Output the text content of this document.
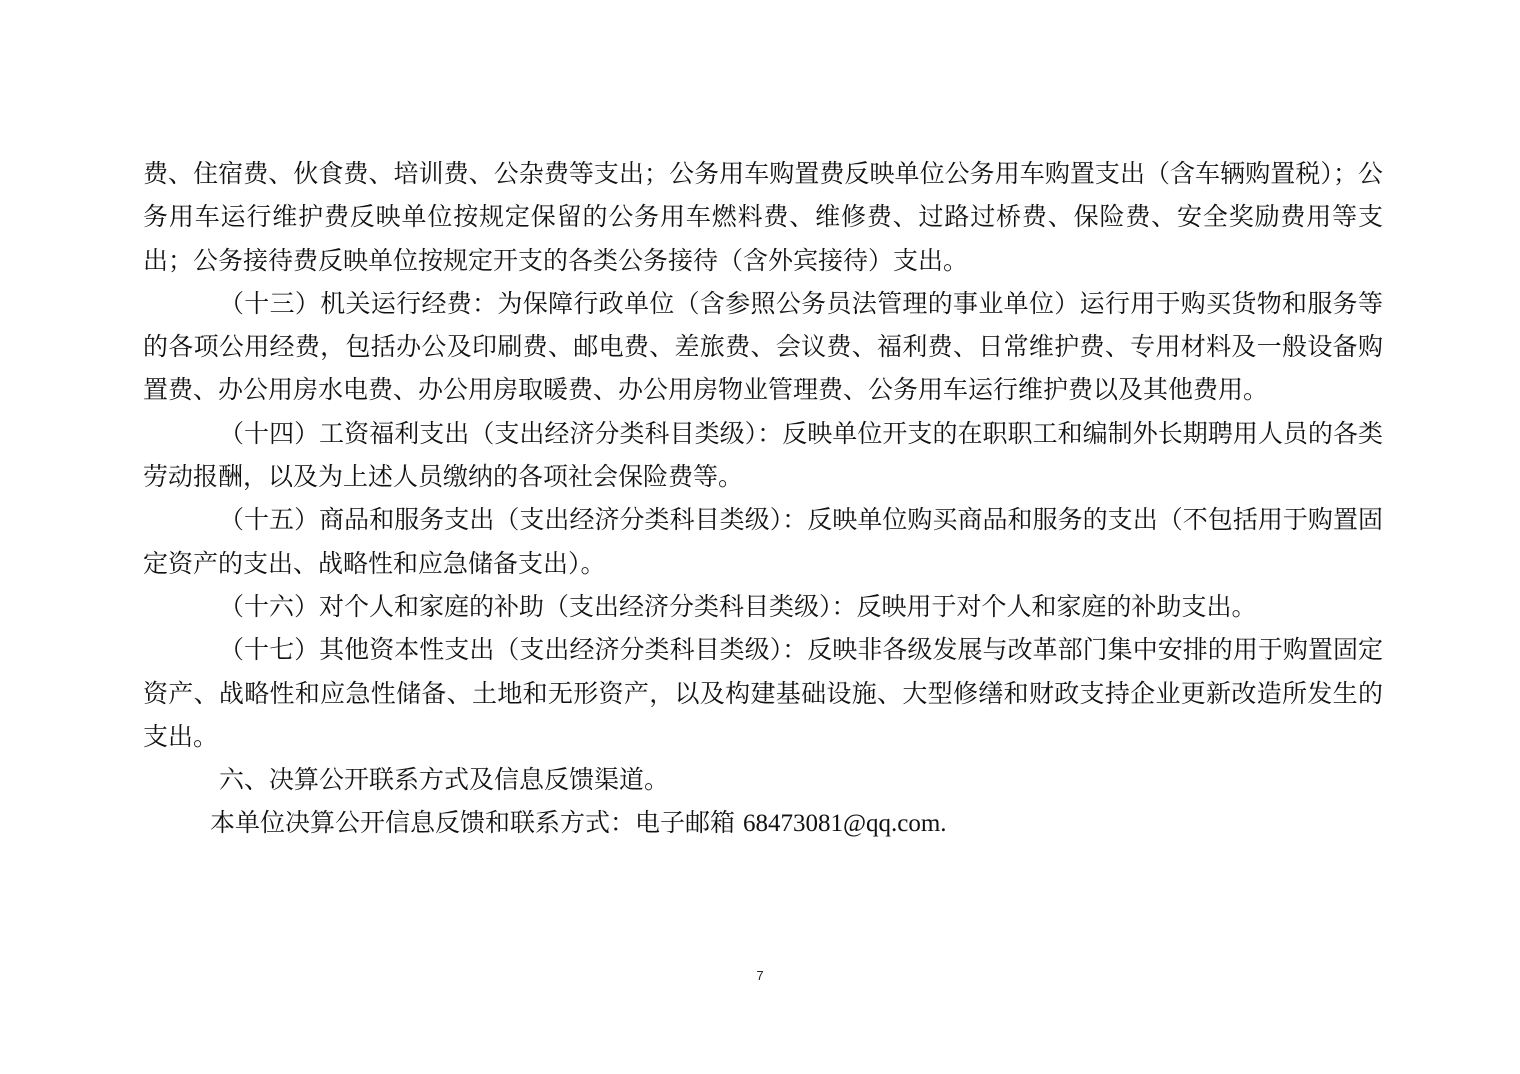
费、住宿费、伙食费、培训费、公杂费等支出；公务用车购置费反映单位公务用车购置支出（含车辆购置税）；公务用车运行维护费反映单位按规定保留的公务用车燃料费、维修费、过路过桥费、保险费、安全奖励费用等支出；公务接待费反映单位按规定开支的各类公务接待（含外宾接待）支出。

（十三）机关运行经费：为保障行政单位（含参照公务员法管理的事业单位）运行用于购买货物和服务等的各项公用经费，包括办公及印刷费、邮电费、差旅费、会议费、福利费、日常维护费、专用材料及一般设备购置费、办公用房水电费、办公用房取暖费、办公用房物业管理费、公务用车运行维护费以及其他费用。

（十四）工资福利支出（支出经济分类科目类级）：反映单位开支的在职职工和编制外长期聘用人员的各类劳动报酬，以及为上述人员缴纳的各项社会保险费等。

（十五）商品和服务支出（支出经济分类科目类级）：反映单位购买商品和服务的支出（不包括用于购置固定资产的支出、战略性和应急储备支出）。

（十六）对个人和家庭的补助（支出经济分类科目类级）：反映用于对个人和家庭的补助支出。

（十七）其他资本性支出（支出经济分类科目类级）：反映非各级发展与改革部门集中安排的用于购置固定资产、战略性和应急性储备、土地和无形资产，以及构建基础设施、大型修缮和财政支持企业更新改造所发生的支出。

六、决算公开联系方式及信息反馈渠道。

本单位决算公开信息反馈和联系方式：电子邮箱 68473081@qq.com.

7
